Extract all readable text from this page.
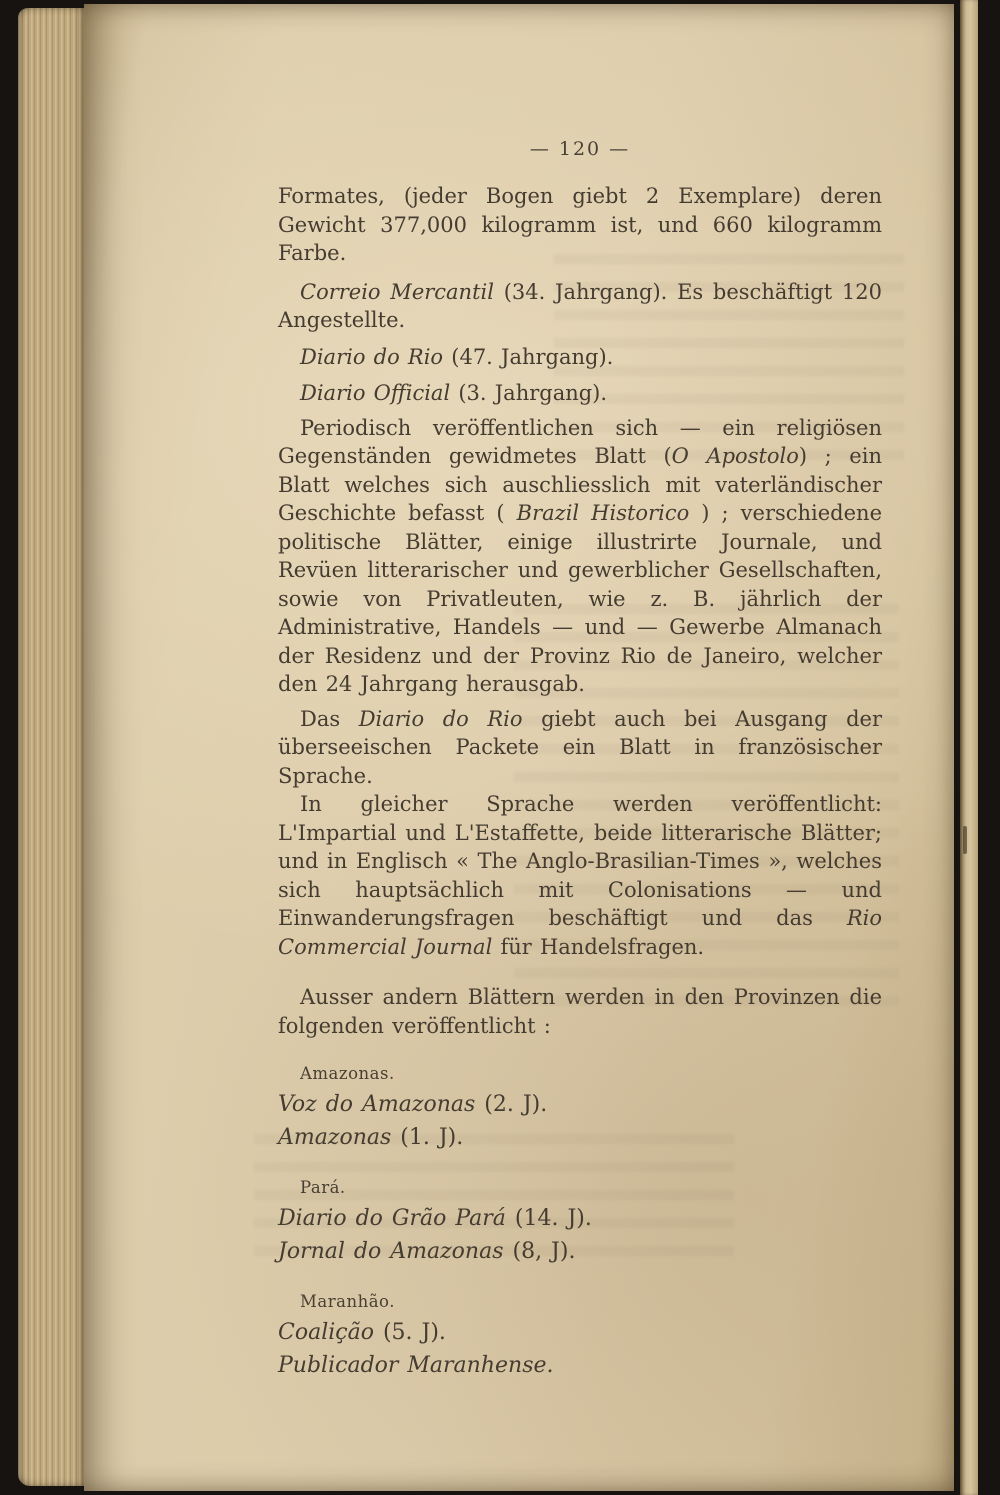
— 120 —

Formates, (jeder Bogen giebt 2 Exemplare) deren Gewicht 377,000 kilogramm ist, und 660 kilogramm Farbe.

Correio Mercantil (34. Jahrgang). Es beschäftigt 120 Angestellte.

Diario do Rio (47. Jahrgang).

Diario Official (3. Jahrgang).

Periodisch veröffentlichen sich — ein religiösen Gegenständen gewidmetes Blatt (O Apostolo) ; ein Blatt welches sich auschliesslich mit vaterländischer Geschichte befasst ( Brazil Historico ) ; verschiedene politische Blätter, einige illustrirte Journale, und Revüen litterarischer und gewerblicher Gesellschaften, sowie von Privatleuten, wie z. B. jährlich der Administrative, Handels — und — Gewerbe Almanach der Residenz und der Provinz Rio de Janeiro, welcher den 24 Jahrgang herausgab.

Das Diario do Rio giebt auch bei Ausgang der überseeischen Packete ein Blatt in französischer Sprache.

In gleicher Sprache werden veröffentlicht: L'Impartial und L'Estaffette, beide litterarische Blätter; und in Englisch « The Anglo-Brasilian-Times », welches sich hauptsächlich mit Colonisations — und Einwanderungsfragen beschäftigt und das Rio Commercial Journal für Handelsfragen.

Ausser andern Blättern werden in den Provinzen die folgenden veröffentlicht :

Amazonas.

Voz do Amazonas (2. J).

Amazonas (1. J).

Pará.

Diario do Grão Pará (14. J).

Jornal do Amazonas (8, J).

Maranhão.

Coalição (5. J).

Publicador Maranhense.
